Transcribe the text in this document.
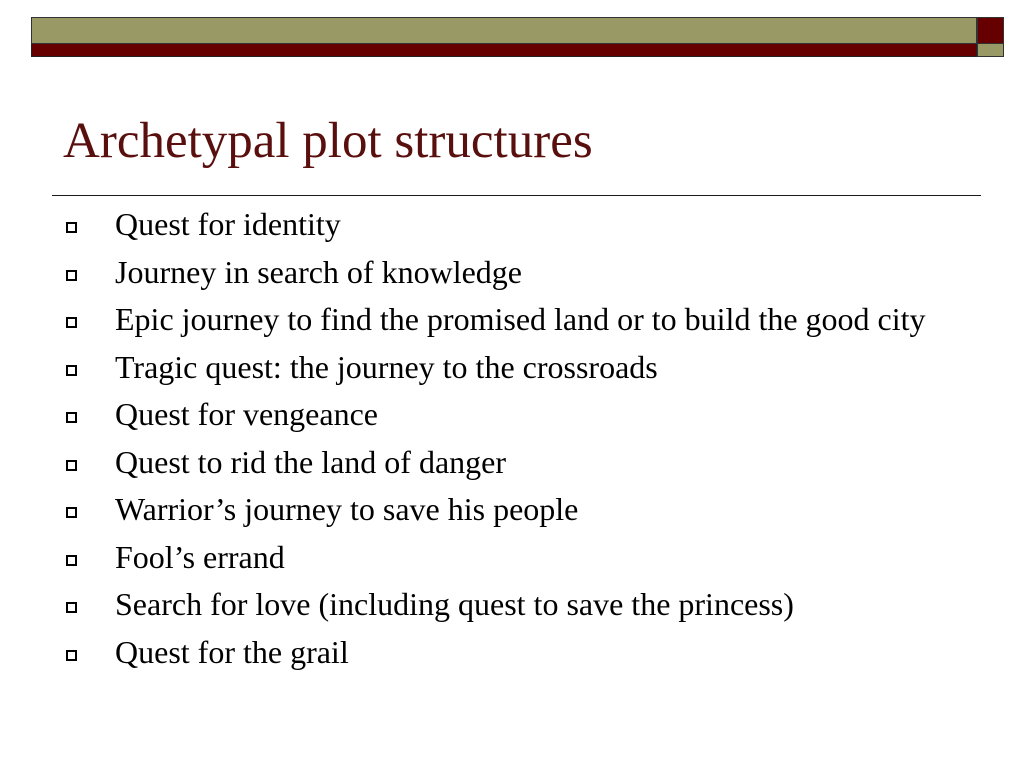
Archetypal plot structures
Quest for identity
Journey in search of knowledge
Epic journey to find the promised land or to build the good city
Tragic quest: the journey to the crossroads
Quest for vengeance
Quest to rid the land of danger
Warrior’s journey to save his people
Fool’s errand
Search for love (including quest to save the princess)
Quest for the grail
